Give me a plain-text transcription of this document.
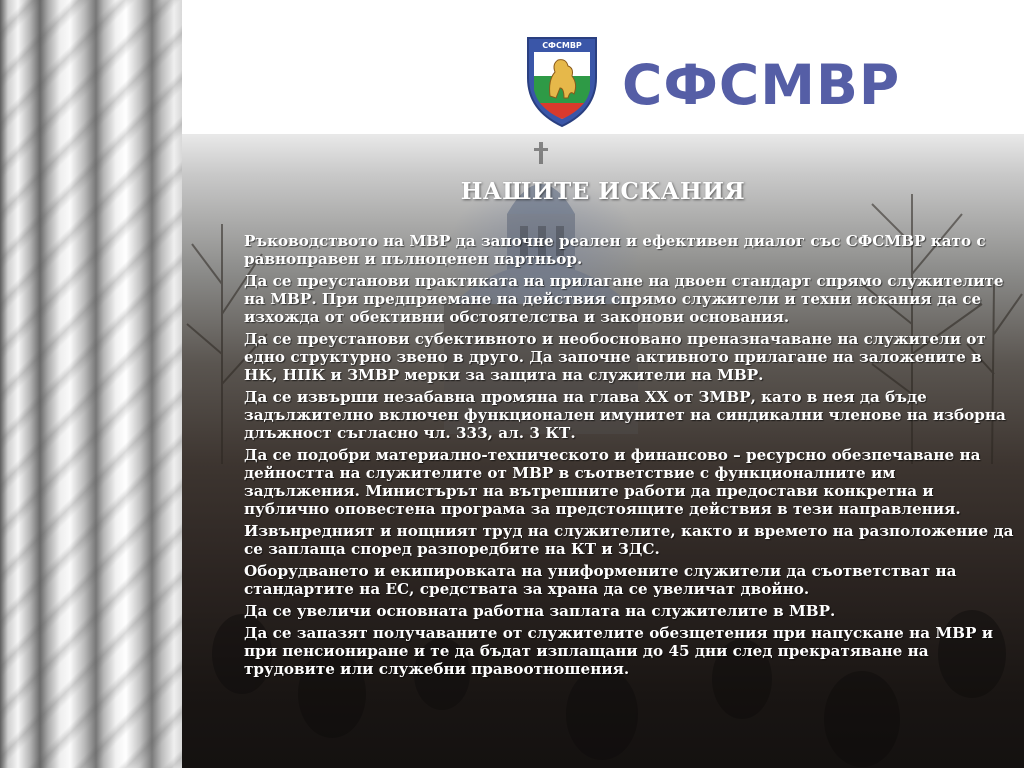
СФСМВР
СФСМВР
НАШИТЕ ИСКАНИЯ
Ръководството на МВР да започне реален и ефективен диалог със СФСМВР като с равноправен и пълноценен партньор.
Да се преустанови практиката на прилагане на двоен стандарт спрямо служителите на МВР. При предприемане на действия спрямо служители и техни искания да се изхожда от обективни обстоятелства и законови основания.
Да се преустанови субективното и необосновано преназначаване на служители от едно структурно звено в друго. Да започне активното прилагане на заложените в НК, НПК и ЗМВР мерки за защита на служители на МВР.
Да се извърши незабавна промяна на глава XX от ЗМВР, като в нея да бъде задължително включен функционален имунитет на синдикални членове на изборна длъжност съгласно чл. 333, ал. 3 КТ.
Да се подобри материално-техническото и финансово – ресурсно обезпечаване на дейността на служителите от МВР в съответствие с функционалните им задължения. Министърът на вътрешните работи да предостави конкретна и публично оповестена програма за предстоящите действия в тези направления.
Извънредният и нощният труд на служителите, както и времето на разположение да се заплаща според разпоредбите на КТ и ЗДС.
Оборудването и екипировката на униформените служители да съответстват на стандартите на ЕС, средствата за храна да се увеличат двойно.
Да се увеличи основната работна заплата на служителите в МВР.
Да се запазят получаваните от служителите обезщетения при напускане на МВР и при пенсиониране и те да бъдат изплащани до 45 дни след прекратяване на трудовите или служебни правоотношения.
